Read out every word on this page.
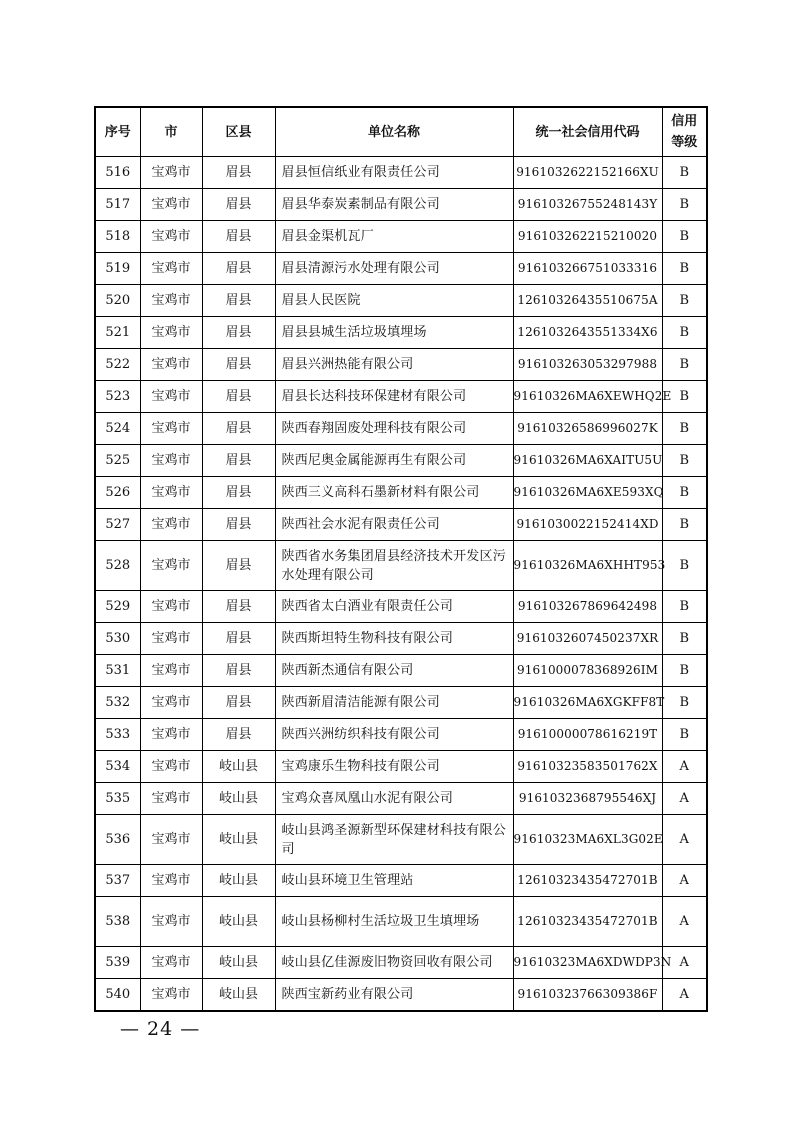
序号	市	区县	单位名称	统一社会信用代码	信用
等级

516	宝鸡市	眉县	眉县恒信纸业有限责任公司	916103262215216​6XU	B
517	宝鸡市	眉县	眉县华泰炭素制品有限公司	91610326755248143Y	B
518	宝鸡市	眉县	眉县金渠机瓦厂	916103262215210020	B
519	宝鸡市	眉县	眉县清源污水处理有限公司	916103266751033316	B
520	宝鸡市	眉县	眉县人民医院	12610326435510675A	B
521	宝鸡市	眉县	眉县县城生活垃圾填埋场	1261032643551334X6	B
522	宝鸡市	眉县	眉县兴洲热能有限公司	916103263053297988	B
523	宝鸡市	眉县	眉县长达科技环保建材有限公司	91610326MA6XEWHQ2E	B
524	宝鸡市	眉县	陕西春翔固废处理科技有限公司	91610326586996027K	B
525	宝鸡市	眉县	陕西尼奥金属能源再生有限公司	91610326MA6XAITU5U	B
526	宝鸡市	眉县	陕西三义高科石墨新材料有限公司	91610326MA6XE593XQ	B
527	宝鸡市	眉县	陕西社会水泥有限责任公司	91610300221524​14XD	B
528	宝鸡市	眉县	陕西省水务集团眉县经济技术开发区污水处理有限公司	91610326MA6XHHT953	B
529	宝鸡市	眉县	陕西省太白酒业有限责任公司	916103267869642498	B
530	宝鸡市	眉县	陕西斯坦特生物科技有限公司	91610326074502​37XR	B
531	宝鸡市	眉县	陕西新杰通信有限公司	9161000078368926IM	B
532	宝鸡市	眉县	陕西新眉清洁能源有限公司	91610326MA6XGKFF8T	B
533	宝鸡市	眉县	陕西兴洲纺织科技有限公司	91610000078616219T	B
534	宝鸡市	岐山县	宝鸡康乐生物科技有限公司	91610323583501762X	A
535	宝鸡市	岐山县	宝鸡众喜凤凰山水泥有限公司	91610323687955​46XJ	A
536	宝鸡市	岐山县	岐山县鸿圣源新型环保建材科技有限公司	91610323MA6XL3G02E	A
537	宝鸡市	岐山县	岐山县环境卫生管理站	12610323435472701B	A
538	宝鸡市	岐山县	岐山县杨柳村生活垃圾卫生填埋场	12610323435472701B	A
539	宝鸡市	岐山县	岐山县亿佳源废旧物资回收有限公司	91610323MA6XDWDP3N	A
540	宝鸡市	岐山县	陕西宝新药业有限公司	91610323766309386F	A
— 24 —
